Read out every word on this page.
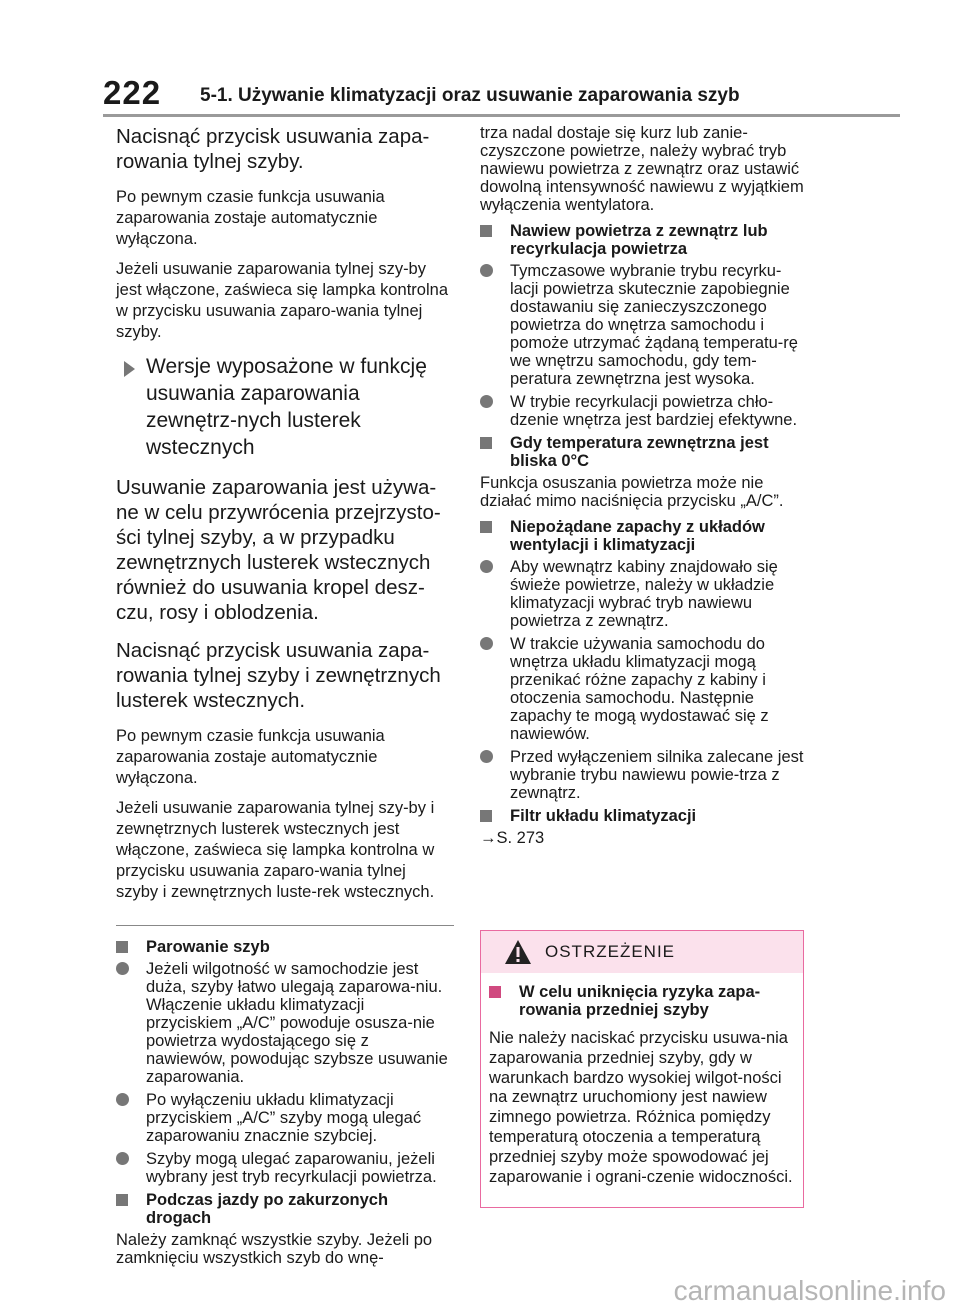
222 5-1. Używanie klimatyzacji oraz usuwanie zaparowania szyb

Nacisnąć przycisk usuwania zapa-rowania tylnej szyby.

Po pewnym czasie funkcja usuwania zaparowania zostaje automatycznie wyłączona.

Jeżeli usuwanie zaparowania tylnej szy-by jest włączone, zaświeca się lampka kontrolna w przycisku usuwania zaparo-wania tylnej szyby.

Wersje wyposażone w funkcję usuwania zaparowania zewnętrz-nych lusterek wstecznych

Usuwanie zaparowania jest używa-ne w celu przywrócenia przejrzysto-ści tylnej szyby, a w przypadku zewnętrznych lusterek wstecznych również do usuwania kropel desz-czu, rosy i oblodzenia.

Nacisnąć przycisk usuwania zapa-rowania tylnej szyby i zewnętrznych lusterek wstecznych.

Po pewnym czasie funkcja usuwania zaparowania zostaje automatycznie wyłączona.

Jeżeli usuwanie zaparowania tylnej szy-by i zewnętrznych lusterek wstecznych jest włączone, zaświeca się lampka kontrolna w przycisku usuwania zaparo-wania tylnej szyby i zewnętrznych luste-rek wstecznych.

Parowanie szyb
Jeżeli wilgotność w samochodzie jest duża, szyby łatwo ulegają zaparowa-niu. Włączenie układu klimatyzacji przyciskiem „A/C” powoduje osusza-nie powietrza wydostającego się z nawiewów, powodując szybsze usuwanie zaparowania.
Po wyłączeniu układu klimatyzacji przyciskiem „A/C” szyby mogą ulegać zaparowaniu znacznie szybciej.
Szyby mogą ulegać zaparowaniu, jeżeli wybrany jest tryb recyrkulacji powietrza.
Podczas jazdy po zakurzonych drogach

Należy zamknąć wszystkie szyby. Jeżeli po zamknięciu wszystkich szyb do wnę-

trza nadal dostaje się kurz lub zanie-czyszczone powietrze, należy wybrać tryb nawiewu powietrza z zewnątrz oraz ustawić dowolną intensywność nawiewu z wyjątkiem wyłączenia wentylatora.

Nawiew powietrza z zewnątrz lub recyrkulacja powietrza
Tymczasowe wybranie trybu recyrku-lacji powietrza skutecznie zapobiegnie dostawaniu się zanieczyszczonego powietrza do wnętrza samochodu i pomoże utrzymać żądaną temperatu-rę we wnętrzu samochodu, gdy tem-peratura zewnętrzna jest wysoka.
W trybie recyrkulacji powietrza chło-dzenie wnętrza jest bardziej efektywne.
Gdy temperatura zewnętrzna jest bliska 0°C

Funkcja osuszania powietrza może nie działać mimo naciśnięcia przycisku „A/C”.

Niepożądane zapachy z układów wentylacji i klimatyzacji
Aby wewnątrz kabiny znajdowało się świeże powietrze, należy w układzie klimatyzacji wybrać tryb nawiewu powietrza z zewnątrz.
W trakcie używania samochodu do wnętrza układu klimatyzacji mogą przenikać różne zapachy z kabiny i otoczenia samochodu. Następnie zapachy te mogą wydostawać się z nawiewów.
Przed wyłączeniem silnika zalecane jest wybranie trybu nawiewu powie-trza z zewnątrz.
Filtr układu klimatyzacji

→S. 273

OSTRZEŻENIE
W celu uniknięcia ryzyka zapa-rowania przedniej szyby

Nie należy naciskać przycisku usuwa-nia zaparowania przedniej szyby, gdy w warunkach bardzo wysokiej wilgot-ności na zewnątrz uruchomiony jest nawiew zimnego powietrza. Różnica pomiędzy temperaturą otoczenia a temperaturą przedniej szyby może spowodować jej zaparowanie i ograni-czenie widoczności.

carmanualsonline.info
